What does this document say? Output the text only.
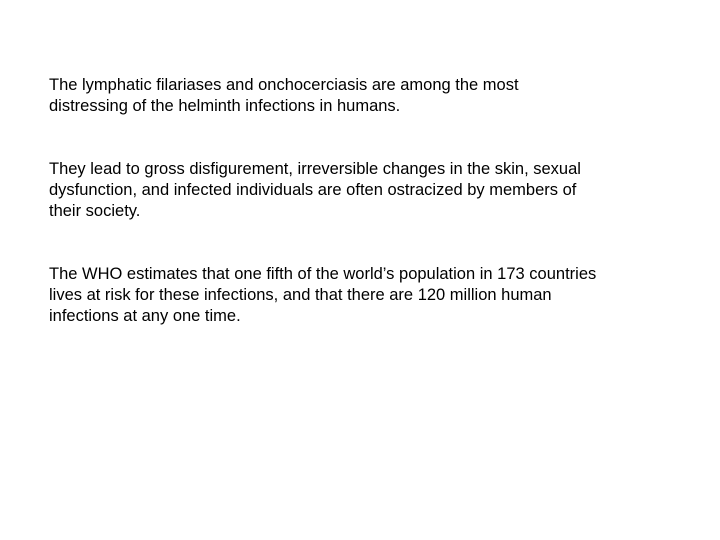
The lymphatic filariases and onchocerciasis are among the most
distressing of the helminth infections in humans.

They lead to gross disfigurement, irreversible changes in the skin, sexual
dysfunction, and infected individuals are often ostracized by members of
their society.

The WHO estimates that one fifth of the world’s population in 173 countries
lives at risk for these infections, and that there are 120 million human
infections at any one time.
